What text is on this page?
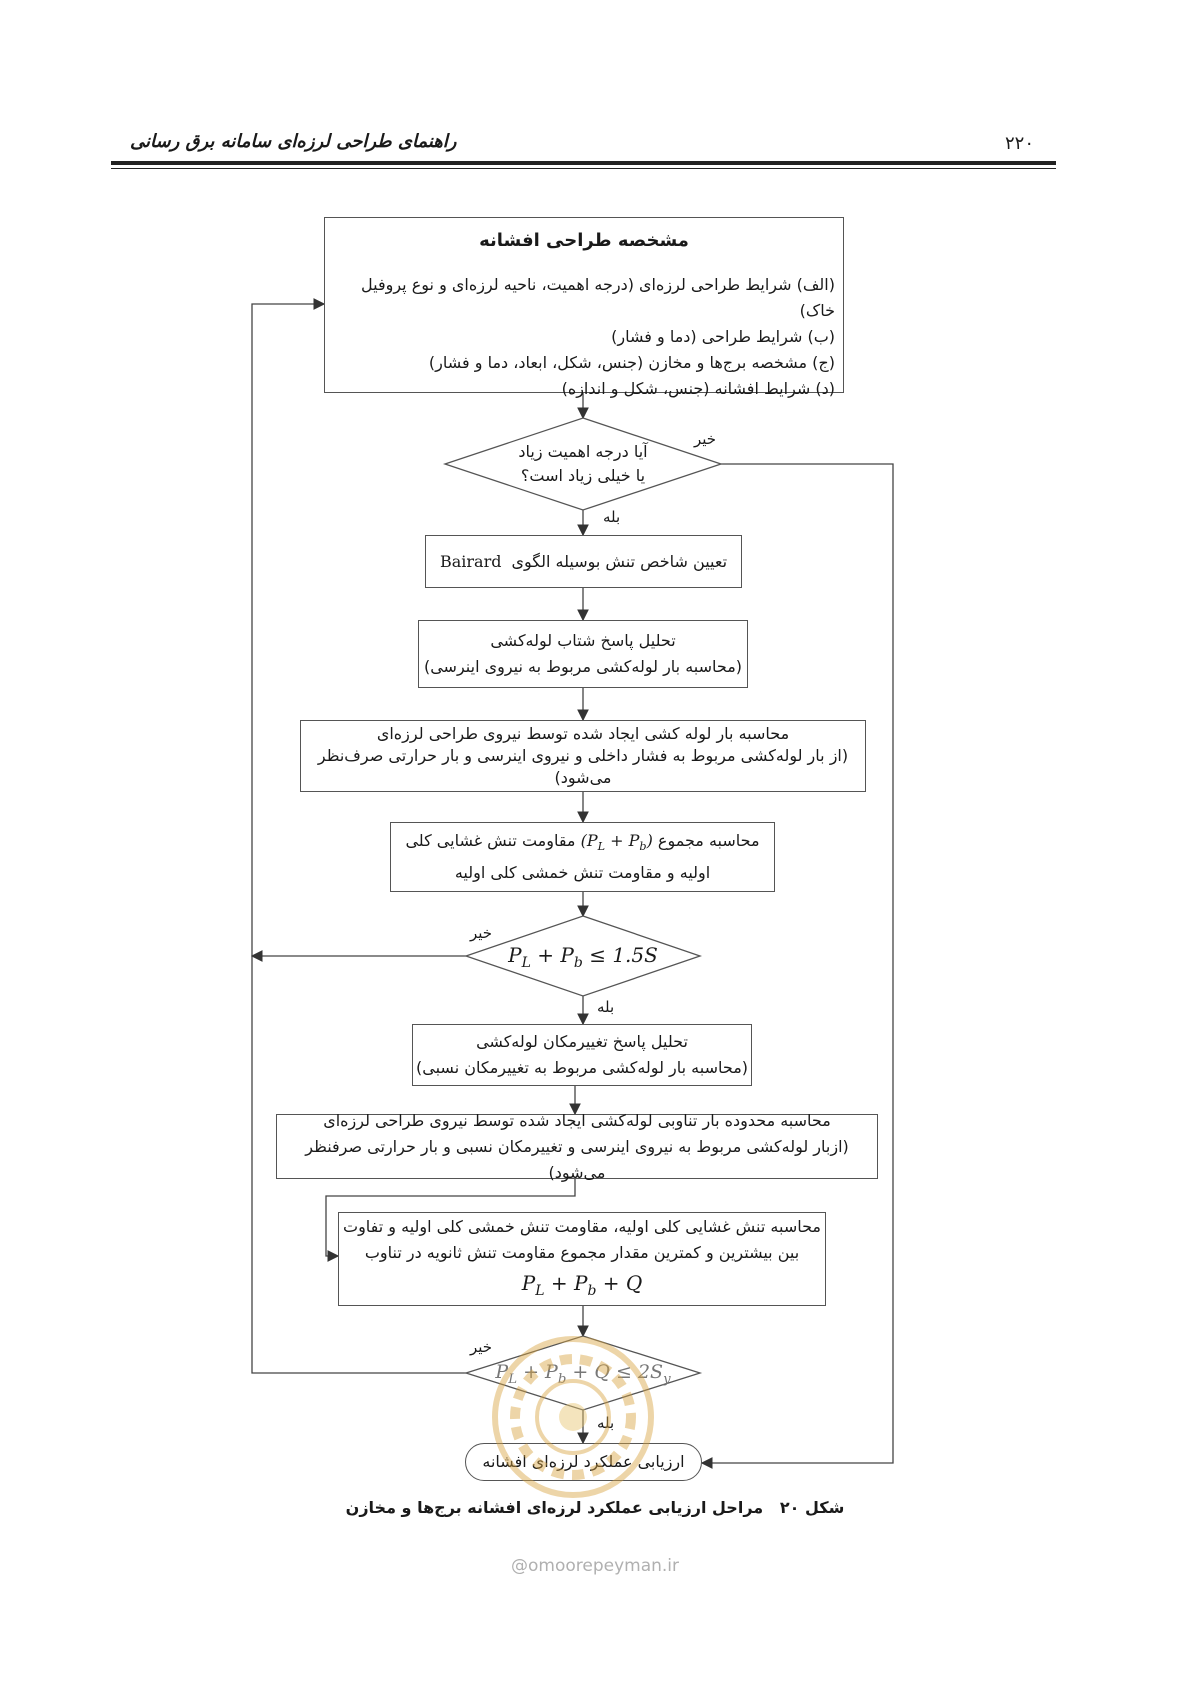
۲۲۰
راهنمای طراحی لرزه‌ای سامانه برق رسانی
مشخصه طراحی افشانه
(الف) شرایط طراحی لرزه‌ای (درجه اهمیت، ناحیه لرزه‌ای و نوع پروفیل خاک)
(ب) شرایط طراحی (دما و فشار)
(ج) مشخصه برج‌ها و مخازن (جنس، شکل، ابعاد، دما و فشار)
(د) شرایط افشانه (جنس، شکل و اندازه)
آیا درجه اهمیت زیاد
یا خیلی زیاد است؟
خیر
بله
تعیین شاخص تنش بوسیله الگوی
Bairard
تحلیل پاسخ شتاب لوله‌کشی
(محاسبه بار لوله‌کشی مربوط به نیروی اینرسی)
محاسبه بار لوله کشی ایجاد شده توسط نیروی طراحی لرزه‌ای
(از بار لوله‌کشی مربوط به فشار داخلی و نیروی اینرسی و بار حرارتی صرف‌نظر
می‌شود)
محاسبه مجموع $(P_L + P_b)$ مقاومت تنش غشایی کلی
اولیه و مقاومت تنش خمشی کلی اولیه
$P_L + P_b \le 1.5S$
خیر
بله
تحلیل پاسخ تغییرمکان لوله‌کشی
(محاسبه بار لوله‌کشی مربوط به تغییرمکان نسبی)
محاسبه محدوده بار تناوبی لوله‌کشی ایجاد شده توسط نیروی طراحی لرزه‌ای
(ازبار لوله‌کشی مربوط به نیروی اینرسی و تغییرمکان نسبی و بار حرارتی صرفنظر می‌شود)
محاسبه تنش غشایی کلی اولیه، مقاومت تنش خمشی کلی اولیه و تفاوت
بین بیشترین و کمترین مقدار مجموع مقاومت تنش ثانویه در تناوب
$P_L + P_b + Q$
$P_L + P_b + Q \le 2S_y$
خیر
بله
ارزیابی عملکرد لرزه‌ای افشانه
شکل ۲۰   مراحل ارزیابی عملکرد لرزه‌ای افشانه برج‌ها و مخازن
@omoorepeyman.ir
